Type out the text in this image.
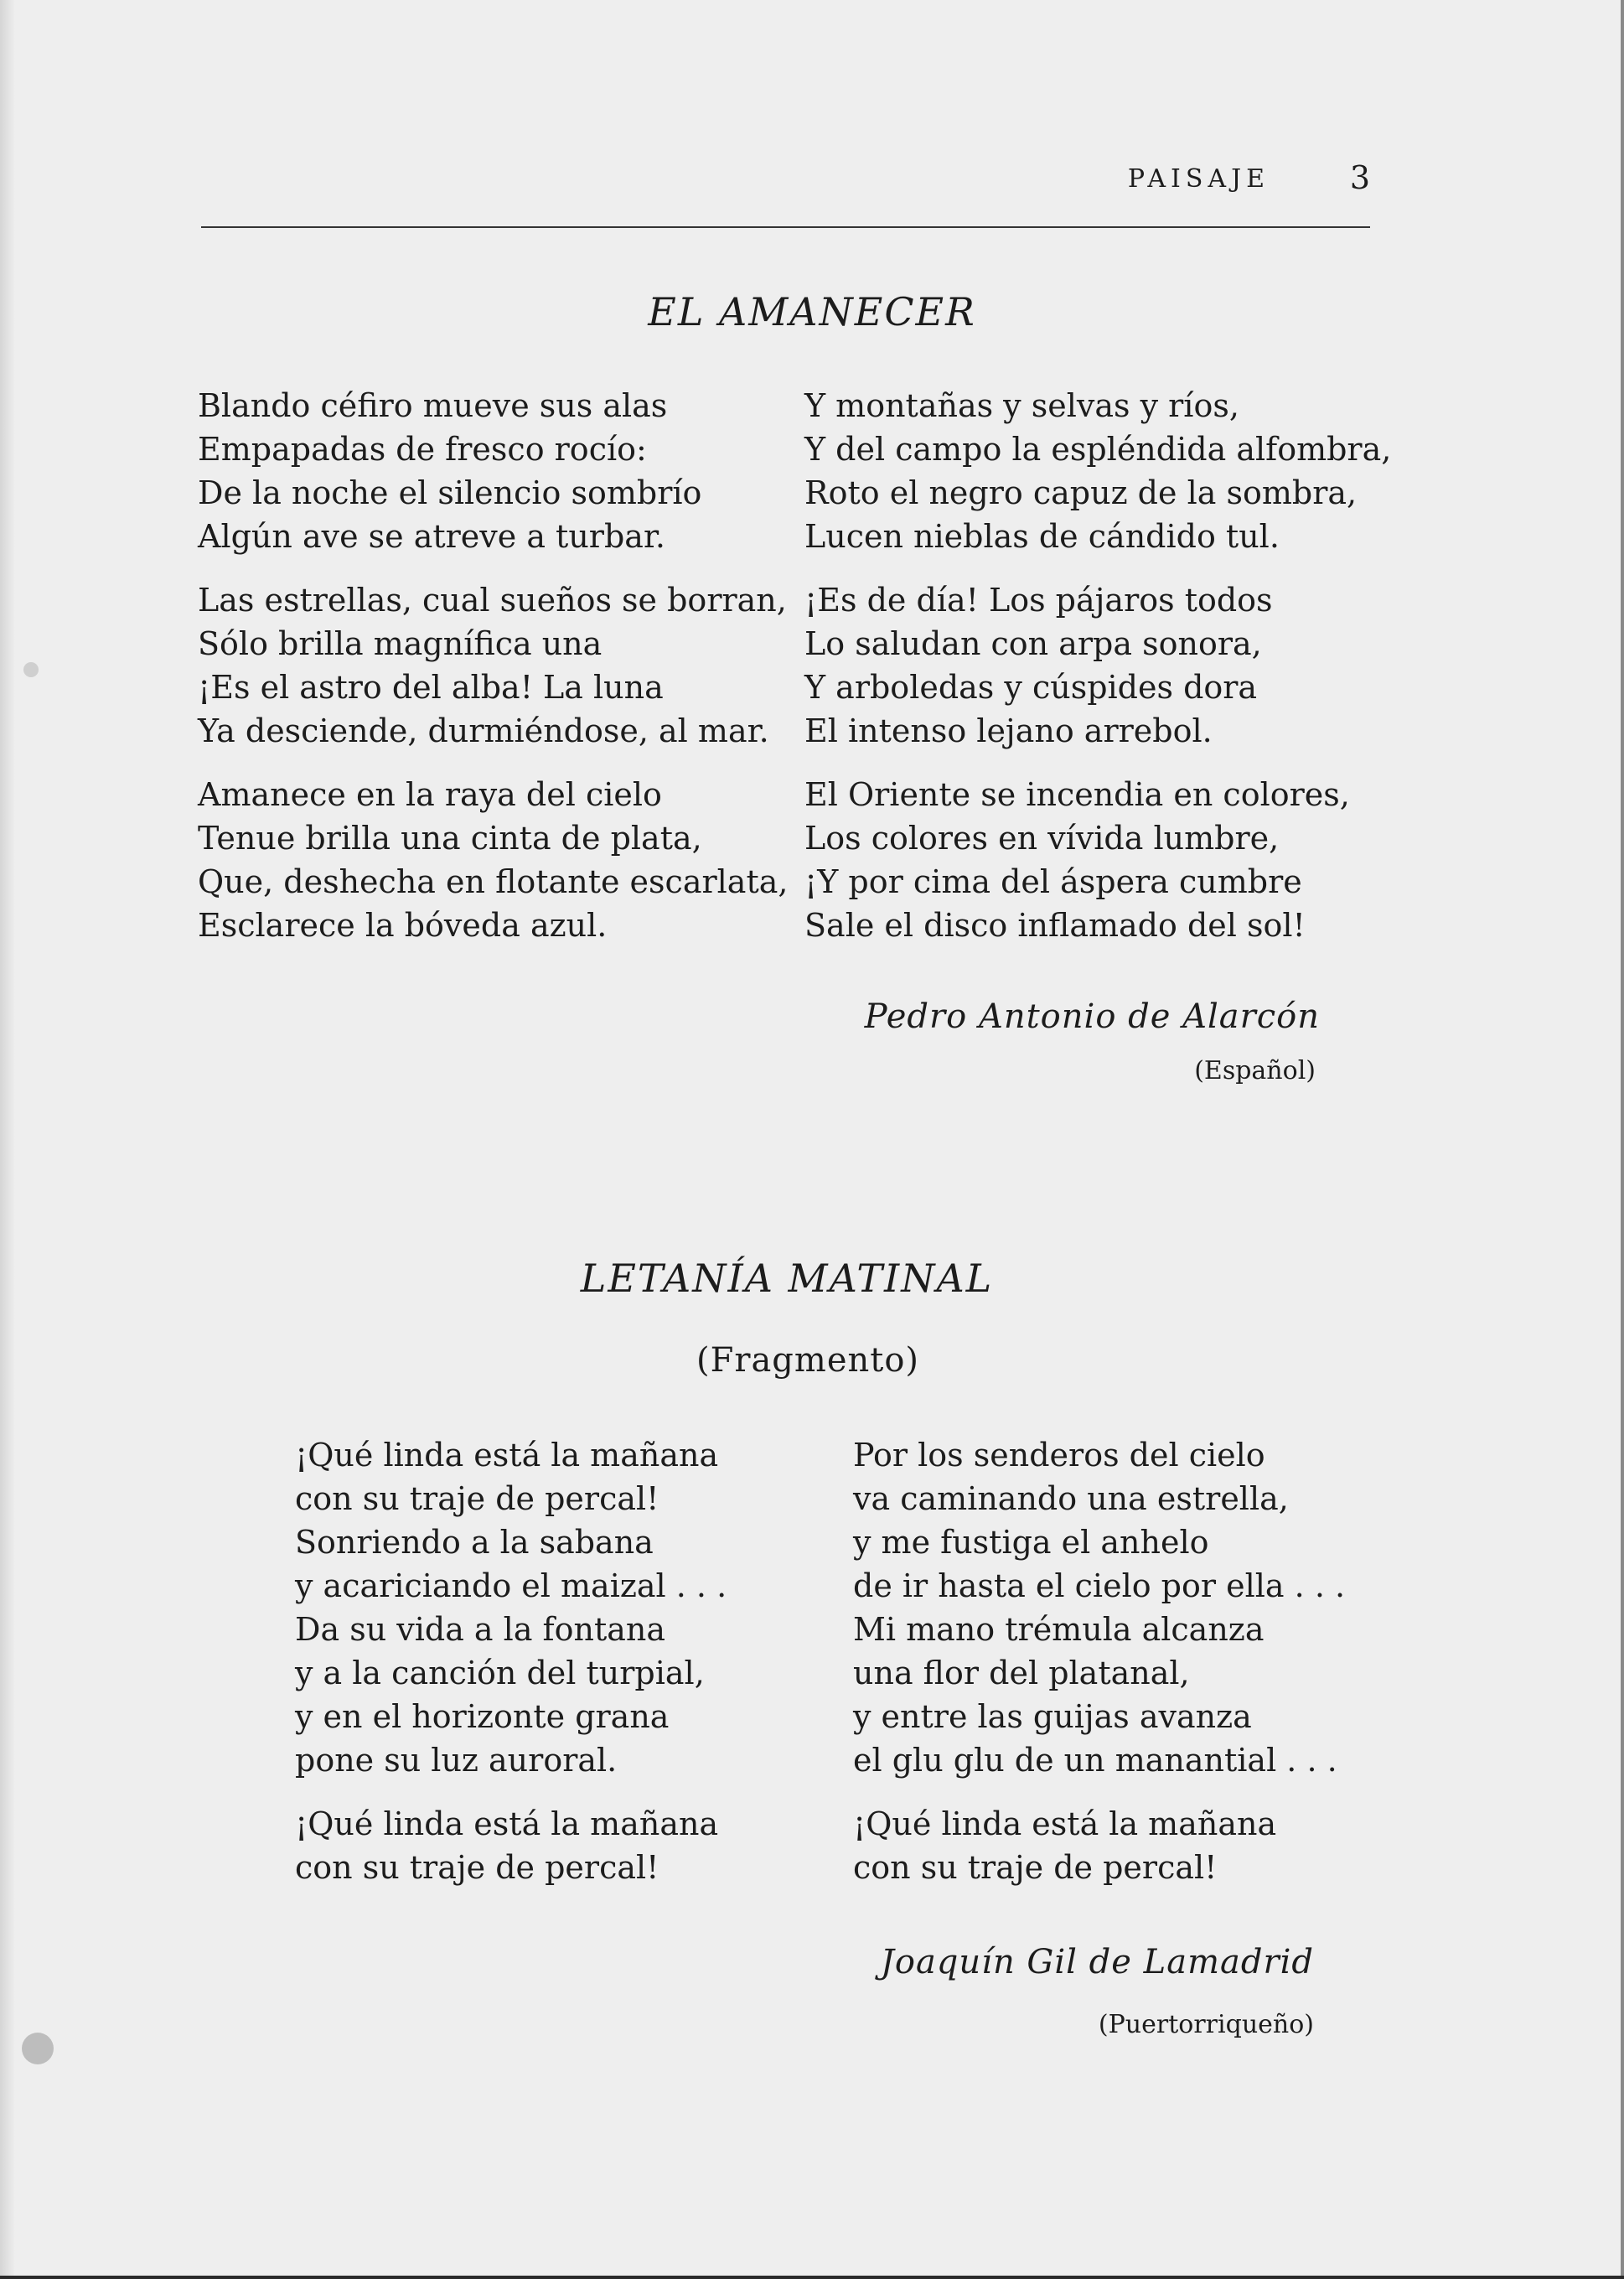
PAISAJE	3
EL AMANECER
Blando céfiro mueve sus alas
Empapadas de fresco rocío:
De la noche el silencio sombrío
Algún ave se atreve a turbar.
Las estrellas, cual sueños se borran,
Sólo brilla magnífica una
¡Es el astro del alba! La luna
Ya desciende, durmiéndose, al mar.
Amanece en la raya del cielo
Tenue brilla una cinta de plata,
Que, deshecha en flotante escarlata,
Esclarece la bóveda azul.
Y montañas y selvas y ríos,
Y del campo la espléndida alfombra,
Roto el negro capuz de la sombra,
Lucen nieblas de cándido tul.
¡Es de día! Los pájaros todos
Lo saludan con arpa sonora,
Y arboledas y cúspides dora
El intenso lejano arrebol.
El Oriente se incendia en colores,
Los colores en vívida lumbre,
¡Y por cima del áspera cumbre
Sale el disco inflamado del sol!
Pedro Antonio de Alarcón
(Español)
LETANÍA MATINAL
(Fragmento)
¡Qué linda está la mañana
con su traje de percal!
Sonriendo a la sabana
y acariciando el maizal . . .
Da su vida a la fontana
y a la canción del turpial,
y en el horizonte grana
pone su luz auroral.
¡Qué linda está la mañana
con su traje de percal!
Por los senderos del cielo
va caminando una estrella,
y me fustiga el anhelo
de ir hasta el cielo por ella . . .
Mi mano trémula alcanza
una flor del platanal,
y entre las guijas avanza
el glu glu de un manantial . . .
¡Qué linda está la mañana
con su traje de percal!
Joaquín Gil de Lamadrid
(Puertorriqueño)
